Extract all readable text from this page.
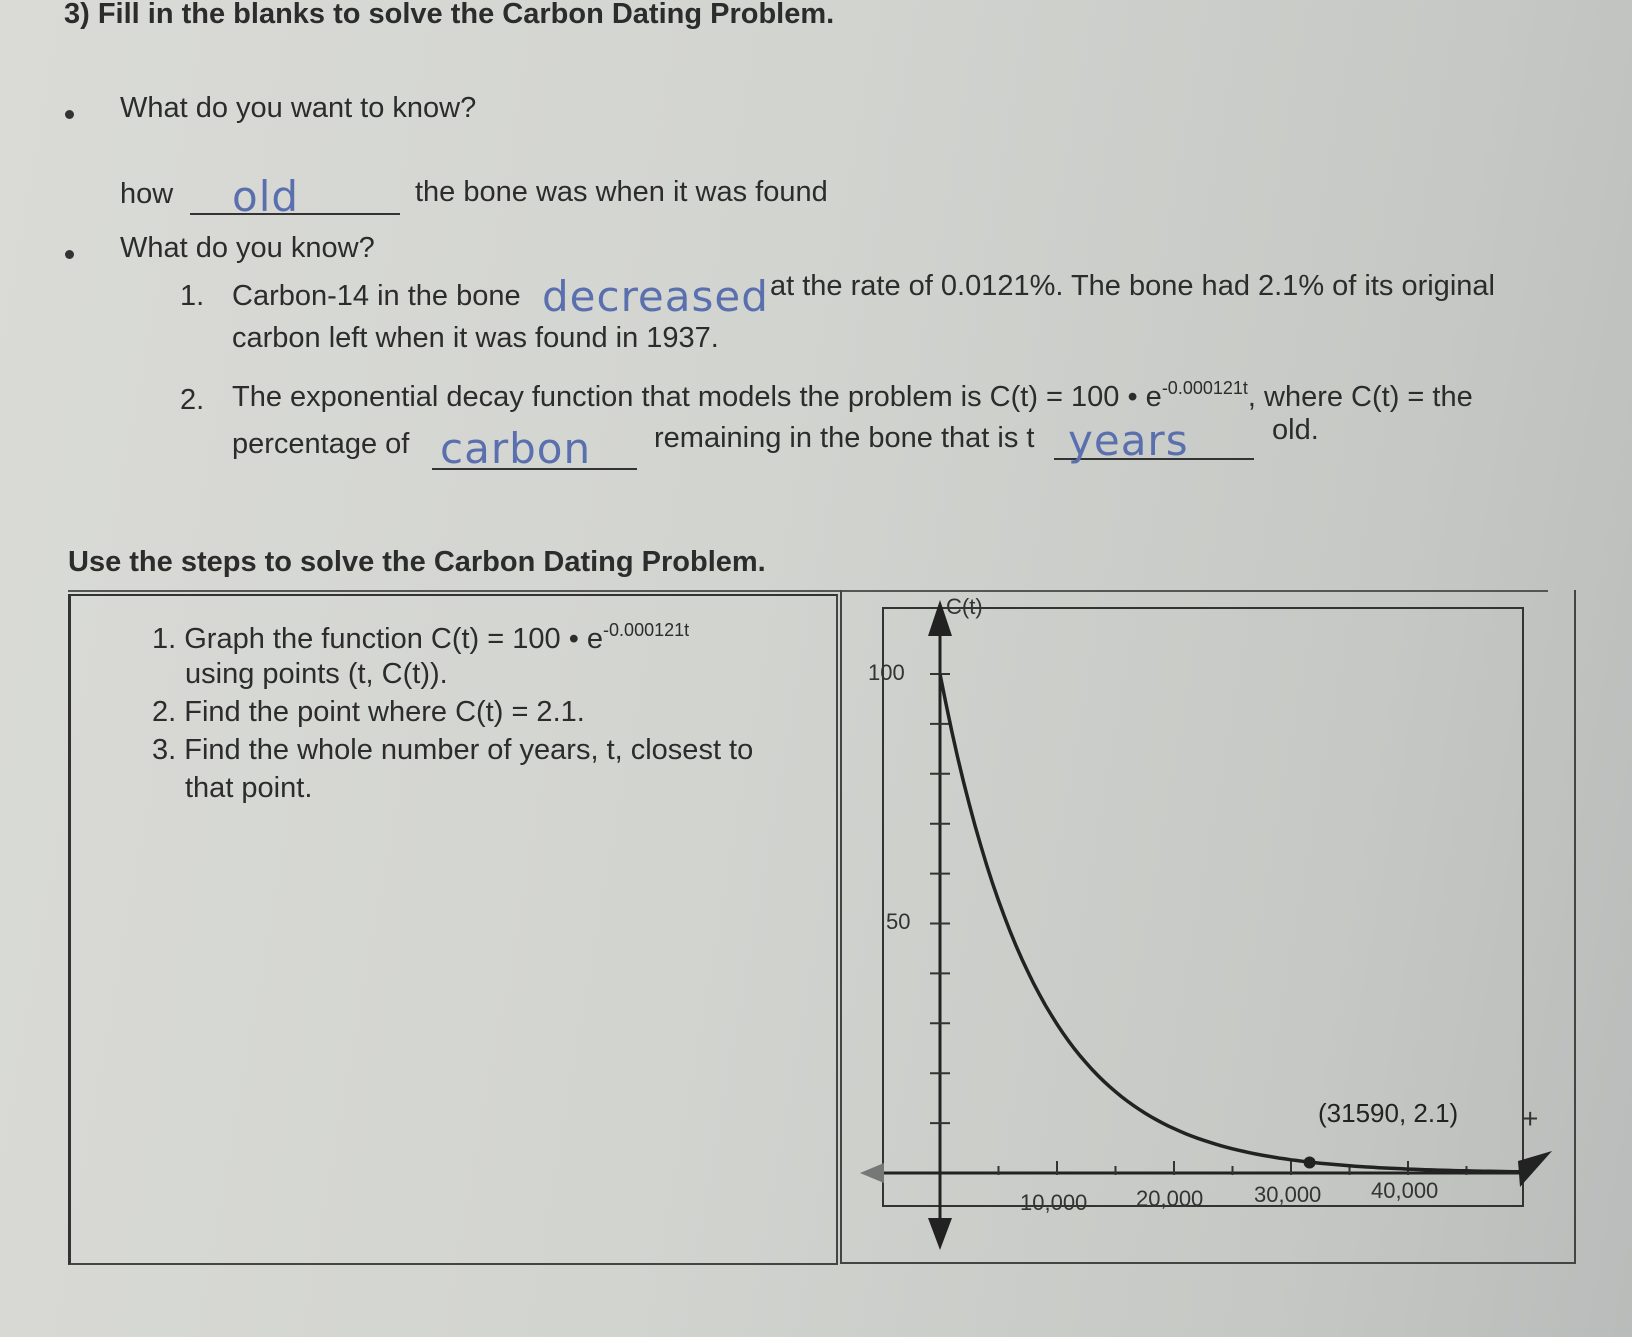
3) Fill in the blanks to solve the Carbon Dating Problem.
What do you want to know?
how old	the bone was when it was found
What do you know?
1. Carbon-14 in the bone decreased at the rate of 0.0121%. The bone had 2.1% of its original
carbon left when it was found in 1937.
2. The exponential decay function that models the problem is C(t) = 100 • $e^{-0.000121t}$, where C(t) = the
percentage of carbon remaining in the bone that is t years	old.
Use the steps to solve the Carbon Dating Problem.
1. Graph the function C(t) = 100 • $e^{-0.000121t}$
using points (t, C(t)).
2. Find the point where C(t) = 2.1.
3. Find the whole number of years, t, closest to
that point.
C(t)
100
50
10,000 20,000 30,000 40,000
(31590, 2.1) +
